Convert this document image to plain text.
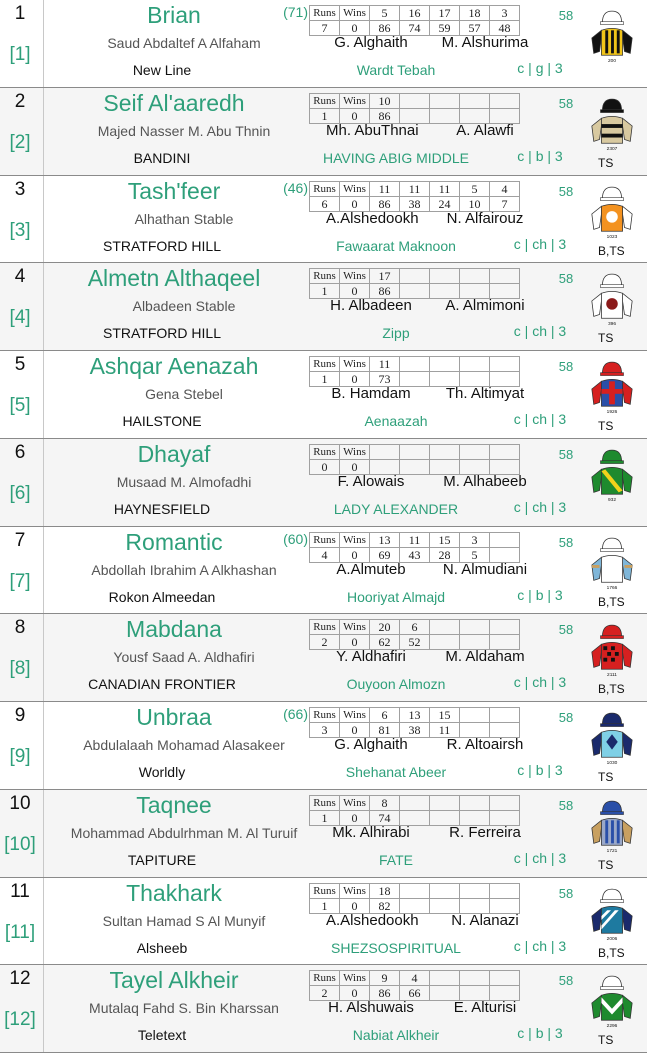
1
[1]
Brian	(71)
Saud Abdaltef A Alfaham
New Line	Wardt Tebah	c | g | 3
58
G. Alghaith	M. Alshurima
Runs	Wins	5	16	17	18	3
7	0	86	74	59	57	48
200
2
[2]
Seif Al'aaredh
Majed Nasser M. Abu Thnin
BANDINI	HAVING ABIG MIDDLE	c | b | 3
58
Mh. AbuThnai	A. Alawfi
TS
Runs	Wins	10				
1	0	86				
2307
3
[3]
Tash'feer	(46)
Alhathan Stable
STRATFORD HILL	Fawaarat Maknoon	c | ch | 3
58
A.Alshedookh	N. Alfairouz
B,TS
Runs	Wins	11	11	11	5	4
6	0	86	38	24	10	7
1023
4
[4]
Almetn Althaqeel
Albadeen Stable
STRATFORD HILL	Zipp	c | ch | 3
58
H. Albadeen	A. Almimoni
TS
Runs	Wins	17				
1	0	86				
396
5
[5]
Ashqar Aenazah
Gena Stebel
HAILSTONE	Aenaazah	c | ch | 3
58
B. Hamdam	Th. Altimyat
TS
Runs	Wins	11				
1	0	73				
1926
6
[6]
Dhayaf
Musaad M. Almofadhi
HAYNESFIELD	LADY ALEXANDER	c | ch | 3
58
F. Alowais	M. Alhabeeb
Runs	Wins					
0	0					
932
7
[7]
Romantic	(60)
Abdollah Ibrahim A Alkhashan
Rokon Almeedan	Hooriyat Almajd	c | b | 3
58
A.Almuteb	N. Almudiani
B,TS
Runs	Wins	13	11	15	3	
4	0	69	43	28	5	
1766
8
[8]
Mabdana
Yousf Saad A. Aldhafiri
CANADIAN FRONTIER	Ouyoon Almozn	c | ch | 3
58
Y. Aldhafiri	M. Aldaham
B,TS
Runs	Wins	20	6			
2	0	62	52			
2111
9
[9]
Unbraa	(66)
Abdulalaah Mohamad Alasakeer
Worldly	Shehanat Abeer	c | b | 3
58
G. Alghaith	R. Altoairsh
TS
Runs	Wins	6	13	15		
3	0	81	38	11		
1030
10
[10]
Taqnee
Mohammad Abdulrhman M. Al Turuif
TAPITURE	FATE	c | ch | 3
58
Mk. Alhirabi	R. Ferreira
TS
Runs	Wins	8				
1	0	74				
1721
11
[11]
Thakhark
Sultan Hamad S Al Munyif
Alsheeb	SHEZSOSPIRITUAL	c | ch | 3
58
A.Alshedookh	N. Alanazi
B,TS
Runs	Wins	18				
1	0	82				
2006
12
[12]
Tayel Alkheir
Mutalaq Fahd S. Bin Kharssan
Teletext	Nabiat Alkheir	c | b | 3
58
H. Alshuwais	E. Alturisi
TS
Runs	Wins	9	4			
2	0	86	66			
2296
